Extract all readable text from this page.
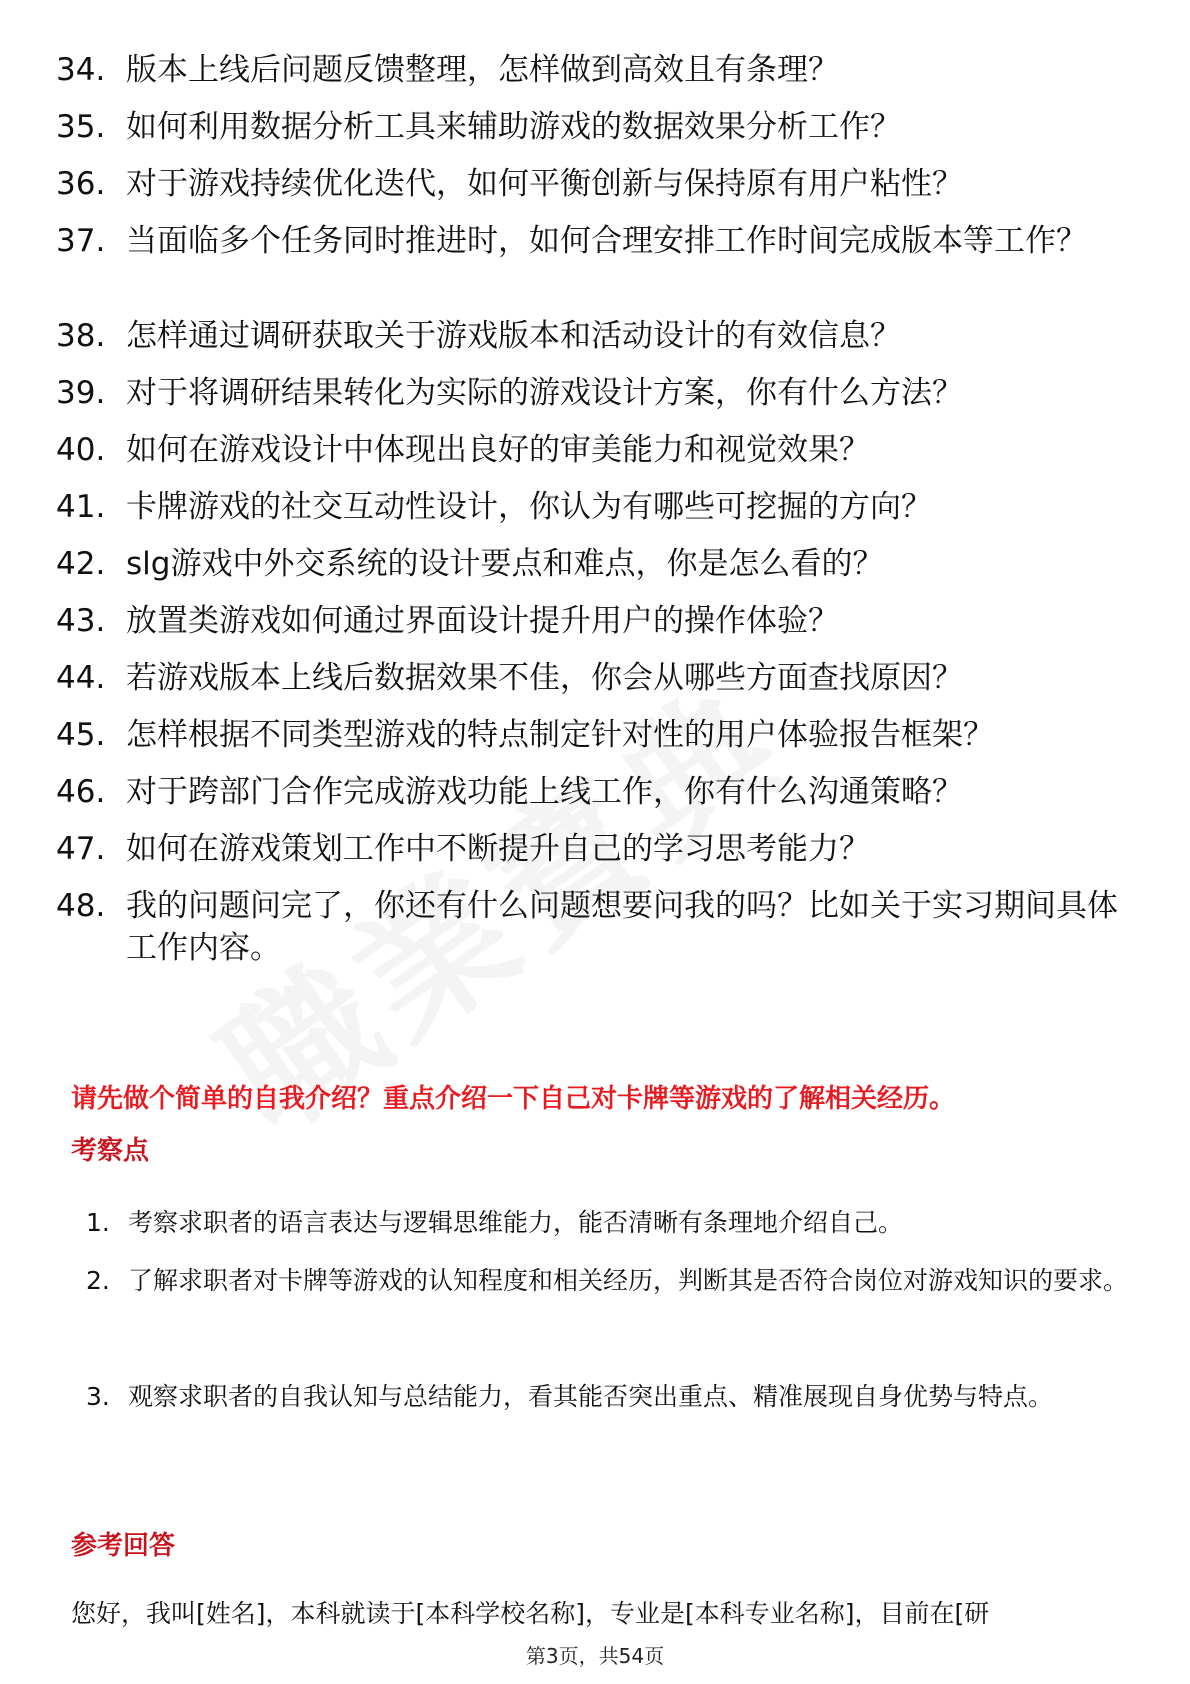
34. 版本上线后问题反馈整理，怎样做到高效且有条理？
35. 如何利用数据分析工具来辅助游戏的数据效果分析工作？
36. 对于游戏持续优化迭代，如何平衡创新与保持原有用户粘性？
37. 当面临多个任务同时推进时，如何合理安排工作时间完成版本等工作？
38. 怎样通过调研获取关于游戏版本和活动设计的有效信息？
39. 对于将调研结果转化为实际的游戏设计方案，你有什么方法？
40. 如何在游戏设计中体现出良好的审美能力和视觉效果？
41. 卡牌游戏的社交互动性设计，你认为有哪些可挖掘的方向？
42. slg游戏中外交系统的设计要点和难点，你是怎么看的？
43. 放置类游戏如何通过界面设计提升用户的操作体验？
44. 若游戏版本上线后数据效果不佳，你会从哪些方面查找原因？
45. 怎样根据不同类型游戏的特点制定针对性的用户体验报告框架？
46. 对于跨部门合作完成游戏功能上线工作，你有什么沟通策略？
47. 如何在游戏策划工作中不断提升自己的学习思考能力？
48. 我的问题问完了，你还有什么问题想要问我的吗？比如关于实习期间具体工作内容。
请先做个简单的自我介绍？重点介绍一下自己对卡牌等游戏的了解相关经历。
考察点
1. 考察求职者的语言表达与逻辑思维能力，能否清晰有条理地介绍自己。
2. 了解求职者对卡牌等游戏的认知程度和相关经历，判断其是否符合岗位对游戏知识的要求。
3. 观察求职者的自我认知与总结能力，看其能否突出重点、精准展现自身优势与特点。
参考回答
您好，我叫[姓名]，本科就读于[本科学校名称]，专业是[本科专业名称]，目前在[研
第3页，共54页
